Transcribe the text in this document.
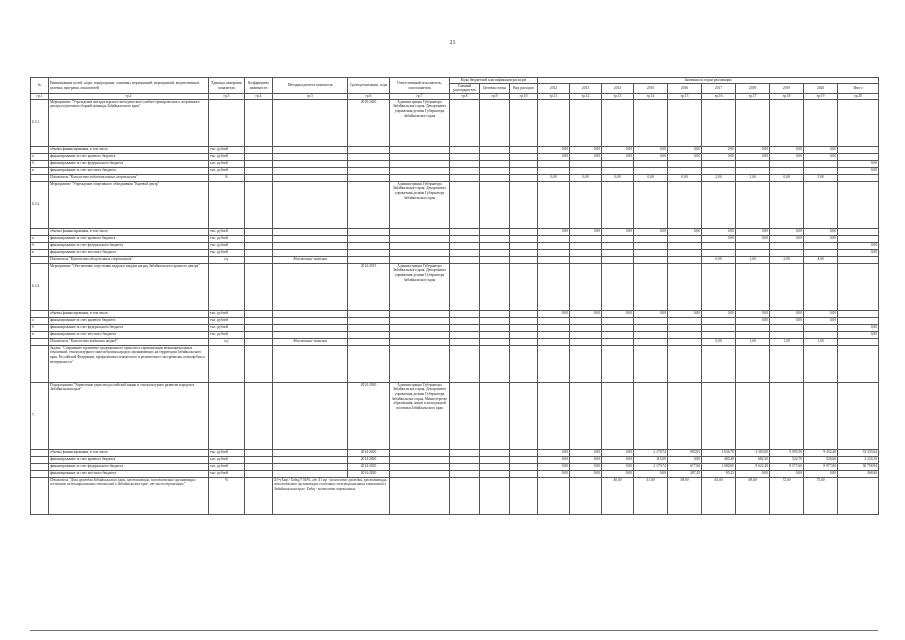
21
№	Наименование целей, задач, подпрограмм, основных мероприятий, мероприятий, ведомственных целевых программ, показателей	Единица измерения показателя	Коэффициент значимости	Методика расчета показателя	Сроки реализации, годы	Ответственный исполнитель, соисполнитель	Коды бюджетной классификации расходов			Значения по годам реализации									
							Главный распорядитель	Целевая статья	Вид расходов	2012	2013	2014	2015	2016	2017	2018	2019	2020	Итого
гр.1	гр.2	гр.3	гр.4	гр.5	гр.6	гр.7	гр.8	гр.9	гр.10	гр.11	гр.12	гр.13	гр.14	гр.15	гр.16	гр.17	гр.18	гр.19	гр.20
6.3.1.	Мероприятие "Учреждение инструкторского-методического учебно-тренировочного спортивного центра подготовки сборной команды Забайкальского края"				2019-2020	Администрация Губернатора Забайкальского края, Департамент управления делами Губернатора Забайкальского края													
	объемы финансирования, в том числе:	тыс. рублей								0,00	0,00	0,00	0,00	0,00	0,00	0,00	0,00	0,00	
а	финансирование за счет краевого бюджета	тыс. рублей								0,00	0,00	0,00	0,00	0,00	0,00	0,00	0,00	0,00	
б	финансирование за счет федерального бюджета	тыс. рублей																	0,00
в	финансирование за счет местного бюджета	тыс. рублей																	0,00
	Показатель "Количество подготовленных спортсменов"	%								0,00	0,00	0,00	0,00	0,00	2,00	1,00	0,00	3,00	
6.3.2.	Мероприятие "Учреждение спортивного объединения "Краевой центр"					Администрация Губернатора Забайкальского края, Департамент управления делами Губернатора Забайкальского края													
	объемы финансирования, в том числе:	тыс. рублей								0,00	0,00	0,00	0,00	0,00	0,00	0,00	0,00	0,00	
а	финансирование за счет краевого бюджета	тыс. рублей													0,00	0,00	0,00	0,00	
б	финансирование за счет федерального бюджета	тыс. рублей																	0,00
в	финансирование за счет местного бюджета	тыс. рублей																	0,00
	Показатель "Количество обслуженных спортсменов"	ед.		Абсолютные значения											0,00	1,00	2,00	4,00	
6.3.3.	Мероприятие "Обеспечение подготовки кадров и выдача наград Забайкальского краевого центра"				2014-2015	Администрация Губернатора Забайкальского края, Департамент управления делами Губернатора Забайкальского края													
	объемы финансирования, в том числе:	тыс. рублей								0,00	0,00	0,00	0,00	0,00	0,00	0,00	0,00	0,00	
а	финансирование за счет краевого бюджета	тыс. рублей														0,00	0,00	0,00	
б	финансирование за счет федерального бюджета	тыс. рублей																	0,00
в	финансирование за счет местного бюджета	тыс. рублей																	0,00
	Показатель "Количество выданных наград"	ед.		Абсолютные значения											0,00	1,00	1,00	1,00	
	Задача: "Сохранение и развитие традиционного единства и гармонизации межнациональных отношений, этнокультурного многообразия народов, проживающих на территории Забайкальского края, Российской Федерации, профилактика этнического и религиозного экстремизма, ксенофобии и нетерпимости"																		
7.	Подпрограмма "Укрепление единства российской нации и этнокультурное развитие народов в Забайкальском крае"				2014-2020	Администрация Губернатора Забайкальского края, Департамент управления делами Губернатора Забайкальского края, Министерство образования, науки и молодежной политики Забайкальского края													
	объемы финансирования, в том числе:	тыс. рублей			2014-2020					0,00	0,00	0,00	2 170,74	903,05	1 636,78	3 305,00	9 095,50	9 432,40	33 333,64
	финансирование за счет краевого бюджета	тыс. рублей			2014-2020					0,00	0,00	0,00	115,00	0,00	485,40	682,30	522,70	526,60	2 234,16
	финансирование за счет федерального бюджета	тыс. рублей			2014-2020					0,00	0,00	0,00	2 179,74	677,60	1 680,00	8 622,40	8 577,60	8 977,00	30 758,94
	финансирование за счет местного бюджета	тыс. рублей			2014-2020					0,00	0,00	0,00	0,00	287,45	85,23	0,00	0,00	0,00	368,68
	Показатель "Доля граждан Забайкальского края, проживающих, положительно оценивающих состояние межнациональных отношений в Забайкальском крае, от числа опрошенных"	%		Х1=(Хмр / Хобщ)*100%, где Х1 мр - количество граждан, проживающих, положительно оценивающих состояние межнациональных отношений в Забайкальском крае; Хобщ - количество опрошенных								40,00	51,00	58,00	65,00	68,00	72,00	75,00	
